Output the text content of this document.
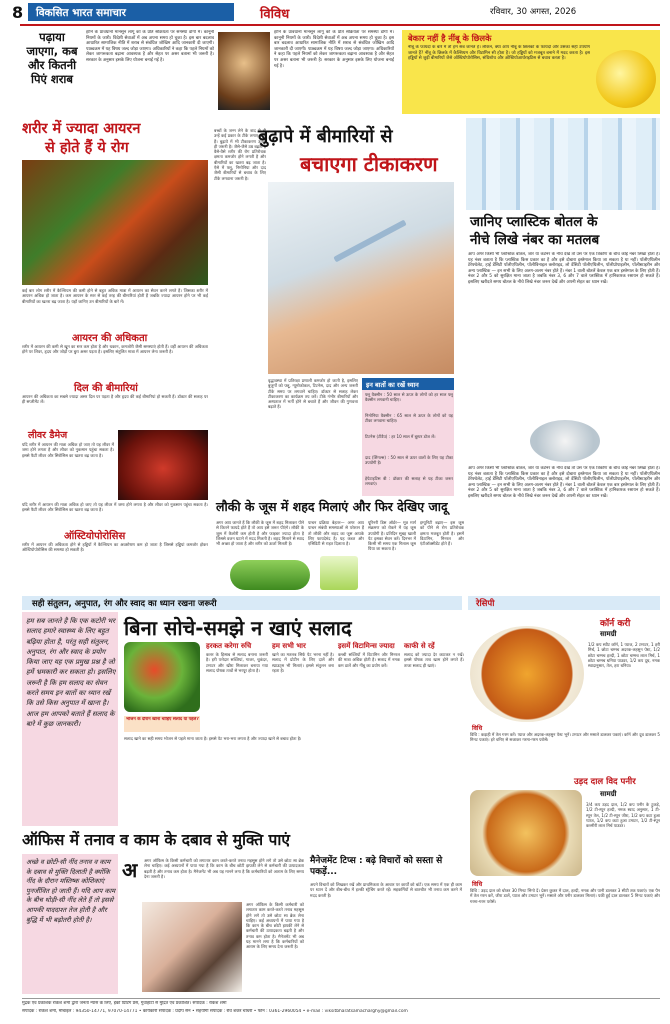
8	विकसित भारत समाचार	विविध	रविवार, 30 अगस्त, 2026
पढ़ाया जाएगा, कब और कितनी पिएं शराब
हानि के प्रावधानों मानसून लागू को के प्रति सक्रियता पर समस्या डोंगो में। कानूनी नियमों के जारी। विदेशी सेवाओं में अब अपना समय हो चुका है। इस बार बदलाव आधारित सामाजिक नीति में शराब से संबंधित जोखिम आदि जानकारी दी जाएगी। पाठ्यक्रम में यह विषय जल्द जोड़ा जाएगा। अधिकारियों ने कहा कि पहले नियमों को लेकर जागरूकता बढ़ाना आवश्यक है और सेहत पर असर बताना भी जरूरी है। सरकार के अनुसार इसके लिए योजना बनाई गई है।
हानि के प्रावधानों मानसून लागू को के प्रति सक्रियता पर समस्या डोंगो में। कानूनी नियमों के जारी। विदेशी सेवाओं में अब अपना समय हो चुका है। इस बार बदलाव आधारित सामाजिक नीति में शराब से संबंधित जोखिम आदि जानकारी दी जाएगी। पाठ्यक्रम में यह विषय जल्द जोड़ा जाएगा। अधिकारियों ने कहा कि पहले नियमों को लेकर जागरूकता बढ़ाना आवश्यक है और सेहत पर असर बताना भी जरूरी है। सरकार के अनुसार इसके लिए योजना बनाई गई है।
बेकार नहीं है नींबू के छिलके
नींबू के फायदों के बारे में तो हम सब जानते हैं। लेकिन, क्या आप नींबू के छिलकों के फायदों और उसका सही उपयोग जानते हैं? नींबू के छिलके में कैल्शियम और विटामिन सी होता है। जो हड्डियों को मजबूत बनाने में मदद करता है। इस हड्डियों से जुड़ी बीमारियों जैसे ऑस्टियोपोरोसिस, संधिशोथ और ऑस्टियोआर्थराइटिस से बचाव करता है।
शरीर में ज्यादा आयरन
से होते हैं ये रोग
कई बार लोग शरीर में कैल्शियम की कमी होने से बहुत अधिक मात्रा में आयरन का सेवन करने लगते हैं। जिसका शरीर में आयरन अधिक हो जाता है। कम आयरन के स्तर से कई तरह की बीमारियां होती हैं जबकि ज्यादा आयरन होने पर भी कई बीमारियों का खतरा बढ़ जाता है। यहाँ जानिए उन बीमारियों के बारे में।
आयरन की अधिकता
शरीर में आयरन की कमी से खून का स्तर कम होता है और थकान, कमजोरी जैसी समस्याएं होती हैं। वहीं आयरन की अधिकता होने पर लिवर, हृदय और जोड़ों पर बुरा असर पड़ता है। इसलिए संतुलित मात्रा में आयरन लेना जरूरी है।
दिल की बीमारियां
आयरन की अधिकता का सबसे ज्यादा असर दिल पर पड़ता है और हृदय की कई बीमारियां हो सकती हैं। डॉक्टर की सलाह पर ही सप्लीमेंट लें।
लीवर डैमेज
यदि शरीर में आयरन की मात्रा अधिक हो जाए तो यह लीवर में जमा होने लगता है और लीवर को नुकसान पहुंचा सकता है। इससे फैटी लीवर और सिरोसिस का खतरा बढ़ जाता है।
यदि शरीर में आयरन की मात्रा अधिक हो जाए तो यह लीवर में जमा होने लगता है और लीवर को नुकसान पहुंचा सकता है। इससे फैटी लीवर और सिरोसिस का खतरा बढ़ जाता है।
ऑस्टियोपोरोसिस
शरीर में आयरन की अधिकता होने से हड्डियों में कैल्शियम का अवशोषण कम हो जाता है जिससे हड्डियां कमजोर होकर ऑस्टियोपोरोसिस की समस्या हो सकती है।
बच्चों के जन्म लेने के बाद से ही उन्हें कई प्रकार के टीके लगाए जाते हैं। बुढ़ापे में भी टीकाकरण उतना ही जरूरी है। जैसे-जैसे उम्र बढ़ती है वैसे-वैसे शरीर की रोग प्रतिरोधक क्षमता कमजोर होने लगती है और बीमारियों का खतरा बढ़ जाता है। ऐसे में फ्लू, निमोनिया और दाद जैसी बीमारियों से बचाव के लिए टीके लगवाना जरूरी है।
बुढ़ापे में बीमारियों से
बचाएगा टीकाकरण
वृद्धावस्था में प्रतिरक्षा प्रणाली कमजोर हो जाती है, इसलिए बुजुर्गों को फ्लू, न्यूमोकोकल, टिटनेस, दाद और अन्य जरूरी टीके समय पर लगवाने चाहिए। डॉक्टर से सलाह लेकर टीकाकरण का कार्यक्रम तय करें। टीके गंभीर बीमारियों और अस्पताल में भर्ती होने से बचाते हैं और जीवन की गुणवत्ता बढ़ाते हैं।
इन बातों का रखें ध्यान
फ्लू वैक्सीन : 50 साल से ऊपर के लोगों को हर साल फ्लू वैक्सीन लगवानी चाहिए।
निमोनिया वैक्सीन : 65 साल से ऊपर के लोगों को यह टीका लगवाना चाहिए।
टिटनेस (टीडैप) : हर 10 साल में बूस्टर डोज लें।
दाद (शिंगल्स) : 50 साल से ऊपर वालों के लिए यह टीका उपयोगी है।
हेपेटाइटिस बी : डॉक्टर की सलाह से यह टीका जरूर लगवाएं।
जानिए प्लास्टिक बोतल के
नीचे लिखे नंबर का मतलब
आप अगर किसी भी प्लास्टिक बोतल, जार या कंटेनर के नीचे देखें तो उस पर एक त्रिकोण के बीच कोई नंबर लिखा होता है। यह नंबर बताता है कि प्लास्टिक किस प्रकार का है और इसे दोबारा इस्तेमाल किया जा सकता है या नहीं। पॉलीएथिलीन टेरेफ्थेलेट, हाई डेंसिटी पॉलीएथिलीन, पॉलीविनाइल क्लोराइड, लो डेंसिटी पॉलीएथिलीन, पॉलीप्रोपाइलीन, पॉलीस्टाइरीन और अन्य प्लास्टिक — इन सभी के लिए अलग-अलग नंबर होते हैं। नंबर 1 वाली बोतलें केवल एक बार इस्तेमाल के लिए होती हैं। नंबर 2 और 5 को सुरक्षित माना जाता है जबकि नंबर 3, 6 और 7 वाले प्लास्टिक में हानिकारक रसायन हो सकते हैं। इसलिए खरीदते समय बोतल के नीचे लिखे नंबर जरूर देखें और अपनी सेहत का ध्यान रखें।
आप अगर किसी भी प्लास्टिक बोतल, जार या कंटेनर के नीचे देखें तो उस पर एक त्रिकोण के बीच कोई नंबर लिखा होता है। यह नंबर बताता है कि प्लास्टिक किस प्रकार का है और इसे दोबारा इस्तेमाल किया जा सकता है या नहीं। पॉलीएथिलीन टेरेफ्थेलेट, हाई डेंसिटी पॉलीएथिलीन, पॉलीविनाइल क्लोराइड, लो डेंसिटी पॉलीएथिलीन, पॉलीप्रोपाइलीन, पॉलीस्टाइरीन और अन्य प्लास्टिक — इन सभी के लिए अलग-अलग नंबर होते हैं। नंबर 1 वाली बोतलें केवल एक बार इस्तेमाल के लिए होती हैं। नंबर 2 और 5 को सुरक्षित माना जाता है जबकि नंबर 3, 6 और 7 वाले प्लास्टिक में हानिकारक रसायन हो सकते हैं। इसलिए खरीदते समय बोतल के नीचे लिखे नंबर जरूर देखें और अपनी सेहत का ध्यान रखें।
लौकी के जूस में शहद मिलाएं और फिर देखिए जादू
अगर आप जानते हैं कि लौकी के जूस में शहद मिलाकर पीने से कितने फायदे होते हैं तो आप इसे जरूर पीएंगे। लौकी के जूस में कैलोरी कम होती है और फाइबर ज्यादा होता है जिससे वजन घटाने में मदद मिलती है। शहद मिलाने से स्वाद भी अच्छा हो जाता है और शरीर को ऊर्जा मिलती है।
पाचन प्रक्रिया बेहतर— अगर आप पाचन संबंधी समस्याओं से परेशान हैं तो लौकी और शहद का जूस आपके लिए फायदेमंद है। यह कब्ज और एसिडिटी से राहत दिलाता है।
यूरिनरी डिस ऑर्डर— मूत्र मार्ग संक्रमण को रोकने में यह जूस उपयोगी है। प्रतिदिन सुबह खाली पेट इसका सेवन करें। दिनभर में किसी भी समय एक गिलास जूस पिया जा सकता है।
इम्यूनिटी बढ़ाए— इस जूस को पीने से रोग प्रतिरोधक क्षमता मजबूत होती है। इसमें विटामिन, मिनरल और एंटीऑक्सीडेंट होते हैं।
सही संतुलन, अनुपात, रंग और स्वाद का ध्यान रखना जरूरी	रेसिपी
हम सब जानते है कि एक कटोरी भर सलाद हमारे स्वास्थ्य के लिए बहुत बढ़िया होता है, परंतु सही संतुलन, अनुपात, रंग और स्वाद के प्रयोग किया जाए यह एक प्रमुख प्रश्न है जो हमें भ्रमकारी कर सकता हो। इसलिए जरूरी है कि हम सलाद का सेवन करते समय इन बातों का ध्यान रखें कि उसे किस अनुपात में खाना है। आज हम आपको बताते हैं सलाद के बारे में कुछ जानकारी।
बिना सोचे-समझे न खाएं सलाद
हरकत करेगा रुचि
कलर के हिसाब से सलाद बनाना जरूरी है। हरी पत्तेदार सब्जियां, गाजर, चुकंदर, टमाटर और खीरा मिलाकर बनाया गया सलाद पोषक तत्वों से भरपूर होता है।
हम सभी भार
खाने का मतलब सिर्फ पेट भरना नहीं है। सलाद में प्रोटीन के लिए दालें और स्प्राउट्स भी मिलाएं। इससे संतुलन बना रहता है।
इसमें विटामिन्स ज्यादा
कच्ची सब्जियों में विटामिन और मिनरल की मात्रा अधिक होती है। सलाद में नमक कम डालें और नींबू का प्रयोग करें।
काफी से रहें
सलाद को ज्यादा देर काटकर न रखें। इससे पोषक तत्व खत्म होने लगते हैं। ताजा सलाद ही खाएं।
भोजन के दौरान खाना चाहिए सलाद या पहले?
सलाद खाने का सही समय भोजन से पहले माना जाता है। इससे पेट भरा-भरा लगता है और ज्यादा खाने से बचाव होता है।
कॉर्न करी
सामग्री
1/2 कप स्वीट कॉर्न, 1 प्याज, 2 टमाटर, 1 हरी मिर्च, 1 छोटा चम्मच अदरक-लहसुन पेस्ट, 1/2 छोटा चम्मच हल्दी, 1 छोटा चम्मच लाल मिर्च, 1 छोटा चम्मच धनिया पाउडर, 1/2 कप दूध, नमक स्वादानुसार, तेल, हरा धनिया।
विधि
विधि : कड़ाही में तेल गरम करें। प्याज और अदरक-लहसुन पेस्ट भूनें। टमाटर और मसाले डालकर पकाएं। कॉर्न और दूध डालकर 5 मिनट पकाएं। हरे धनिए से सजाकर गरमा-गरम परोसें।
उड़द दाल विद पनीर
सामग्री
3/4 कप उड़द दाल, 1/2 कप पनीर के टुकड़े, 1/2 टी-स्पून हल्दी, नमक स्वाद अनुसार, 1 टी-स्पून तेल, 1/2 टी-स्पून जीरा, 1/2 कप कटा हुआ प्याज, 1/2 कप कटा हुआ टमाटर, 1/2 टी-स्पून कश्मीरी लाल मिर्च पाउडर।
विधि
विधि : उड़द दाल को धोकर 30 मिनट भिगो दें। प्रेशर कुकर में दाल, हल्दी, नमक और पानी डालकर 3 सीटी तक पकाएं। एक पैन में तेल गरम करें, जीरा डालें, प्याज और टमाटर भूनें। मसाले और पनीर डालकर मिलाएं। पकी हुई दाल डालकर 5 मिनट पकाएं और गरमा-गरम परोसें।
ऑफिस में तनाव व काम के दबाव से मुक्ति पाएं
अच्छे व छोटी-सी नींद तनाव व काम के दबाव से मुक्ति दिलाती है क्योंकि नींद के दौरान मस्तिष्क कोशिकाएं पुनर्जीवित हो जाती हैं। यदि आप काम के बीच थोड़ी-सी नींद लेते हैं तो इससे आपकी याददाश्त तेज होती है और बुद्धि में भी बढ़ोतरी होती है।
अ अगर ऑफिस के किसी कर्मचारी को लगातार काम करते-करते तनाव महसूस होने लगे तो उसे छोटा सा ब्रेक लेना चाहिए। कई अध्ययनों में पाया गया है कि काम के बीच छोटी झपकी लेने से कर्मचारी की उत्पादकता बढ़ती है और तनाव कम होता है। मैनेजमेंट भी अब यह मानने लगा है कि कर्मचारियों को आराम के लिए समय देना जरूरी है।
अगर ऑफिस के किसी कर्मचारी को लगातार काम करते-करते तनाव महसूस होने लगे तो उसे छोटा सा ब्रेक लेना चाहिए। कई अध्ययनों में पाया गया है कि काम के बीच छोटी झपकी लेने से कर्मचारी की उत्पादकता बढ़ती है और तनाव कम होता है। मैनेजमेंट भी अब यह मानने लगा है कि कर्मचारियों को आराम के लिए समय देना जरूरी है।
मैनेजमेंट टिप्स : बढ़े विचारों को सस्ता से पकड़ें...
अपने विचारों को लिखकर रखें और प्राथमिकता के आधार पर कार्यों को बांटें। एक समय में एक ही काम पर ध्यान दें और बीच-बीच में हल्की स्ट्रेचिंग करते रहें। सहकर्मियों से बातचीत भी तनाव कम करने में मदद करती है।
मुद्रक एवं प्रकाशक राकेश शर्मा द्वारा जनता न्यास के लिए, ईको प्रिंटिंग प्रेस, गुवाहाटी से मुद्रित एवं प्रकाशित। संपादक : राकेश शर्मा
संपादक : राकेश शर्मा, मोबाइल : 94350-14771, 97070-14771 • कार्यकारी संपादक : प्रदीप सेन • सहयोगी संपादक : रवि शंकर चौधरी • फोन : 0361-2960054 • e-mail : viksitbharatsamacharghy@gmail.com
